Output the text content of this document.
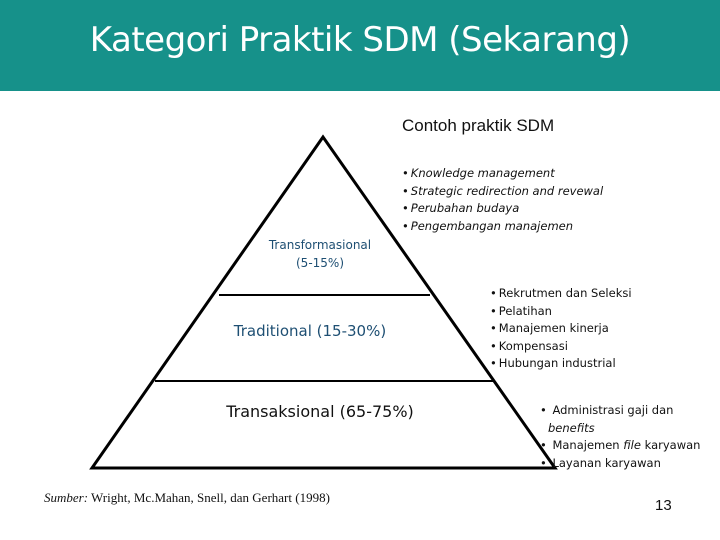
Kategori Praktik SDM (Sekarang)
Contoh praktik SDM
Transformasional
(5-15%)
Traditional (15-30%)
Transaksional (65-75%)
• Knowledge management
• Strategic redirection and revewal
• Perubahan budaya
• Pengembangan manajemen
• Rekrutmen dan Seleksi
• Pelatihan
• Manajemen kinerja
• Kompensasi
• Hubungan industrial
• Administrasi gaji dan benefits
• Manajemen file karyawan
• Layanan karyawan
Sumber: Wright, Mc.Mahan, Snell, dan Gerhart (1998)	13
